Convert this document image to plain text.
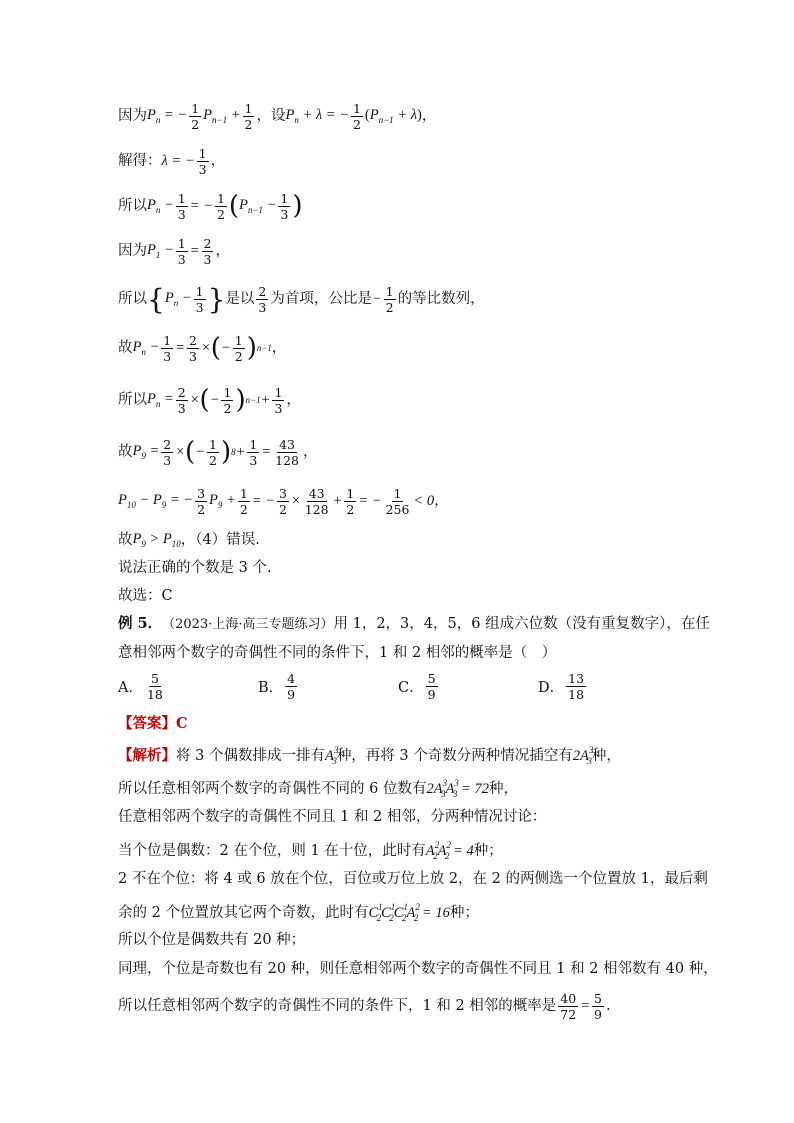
因为 $P_n$ = − $\frac{1}{2} P_{n-1} + \frac{1}{2}$ ，设 $P_n + \lambda$ = − $\frac{1}{2} (P_{n-1} + \lambda)$ ，
解得： λ = − $\frac{1}{3}$ ，
所以 $P_n - \frac{1}{3}$ = − $\frac{1}{2}$ ( $P_{n-1} - \frac{1}{3}$ )
因为 $P_1 - \frac{1}{3} = \frac{2}{3}$ ，
所以 { $P_n - \frac{1}{3}$ } 是以 $\frac{2}{3}$ 为首项，公比是 − $\frac{1}{2}$ 的等比数列，
故 $P_n - \frac{1}{3} = \frac{2}{3}$ × ( − $\frac{1}{2}$ ) n−1 ，
所以 $P_n = \frac{2}{3}$ × ( − $\frac{1}{2}$ ) $n-1 + \frac{1}{3}$ ，
故 $P_9 = \frac{2}{3}$ × ( − $\frac{1}{2}$ ) $8 + \frac{1}{3} = \frac{43}{128}$ ，
$P_{10} - P_9$ = − $\frac{3}{2} P_9 + \frac{1}{2}$ = − $\frac{3}{2} \times \frac{43}{128} + \frac{1}{2}$ = − $\frac{1}{256} < 0$ ，
故 $P_9 > P_{10}$ ，（4）错误.
说法正确的个数是 3 个.
故选：C
例 5． （2023·上海·高三专题练习） 用 1，2，3，4，5，6 组成六位数（没有重复数字），在任
意相邻两个数字的奇偶性不同的条件下，1 和 2 相邻的概率是（　）
A． $\frac{5}{18}$	B． $\frac{4}{9}$	C． $\frac{5}{9}$	D． $\frac{13}{18}$
【答案】 C
【解析】 将 3 个偶数排成一排有 $A^3_3$ 种，再将 3 个奇数分两种情况插空有 $2A^3_3$ 种，
所以任意相邻两个数字的奇偶性不同的 6 位数有 $2A^3_3A^3_3 = 72$ 种，
任意相邻两个数字的奇偶性不同且 1 和 2 相邻，分两种情况讨论：
当个位是偶数：2 在个位，则 1 在十位，此时有 $A^2_2A^2_2 = 4$ 种；
2 不在个位：将 4 或 6 放在个位，百位或万位上放 2，在 2 的两侧选一个位置放 1，最后剩
余的 2 个位置放其它两个奇数，此时有 $C^1_2C^1_2C^1_2A^2_2 = 16$ 种；
所以个位是偶数共有 20 种；
同理，个位是奇数也有 20 种，则任意相邻两个数字的奇偶性不同且 1 和 2 相邻数有 40 种，
所以任意相邻两个数字的奇偶性不同的条件下，1 和 2 相邻的概率是 $\frac{40}{72} = \frac{5}{9}$ .
